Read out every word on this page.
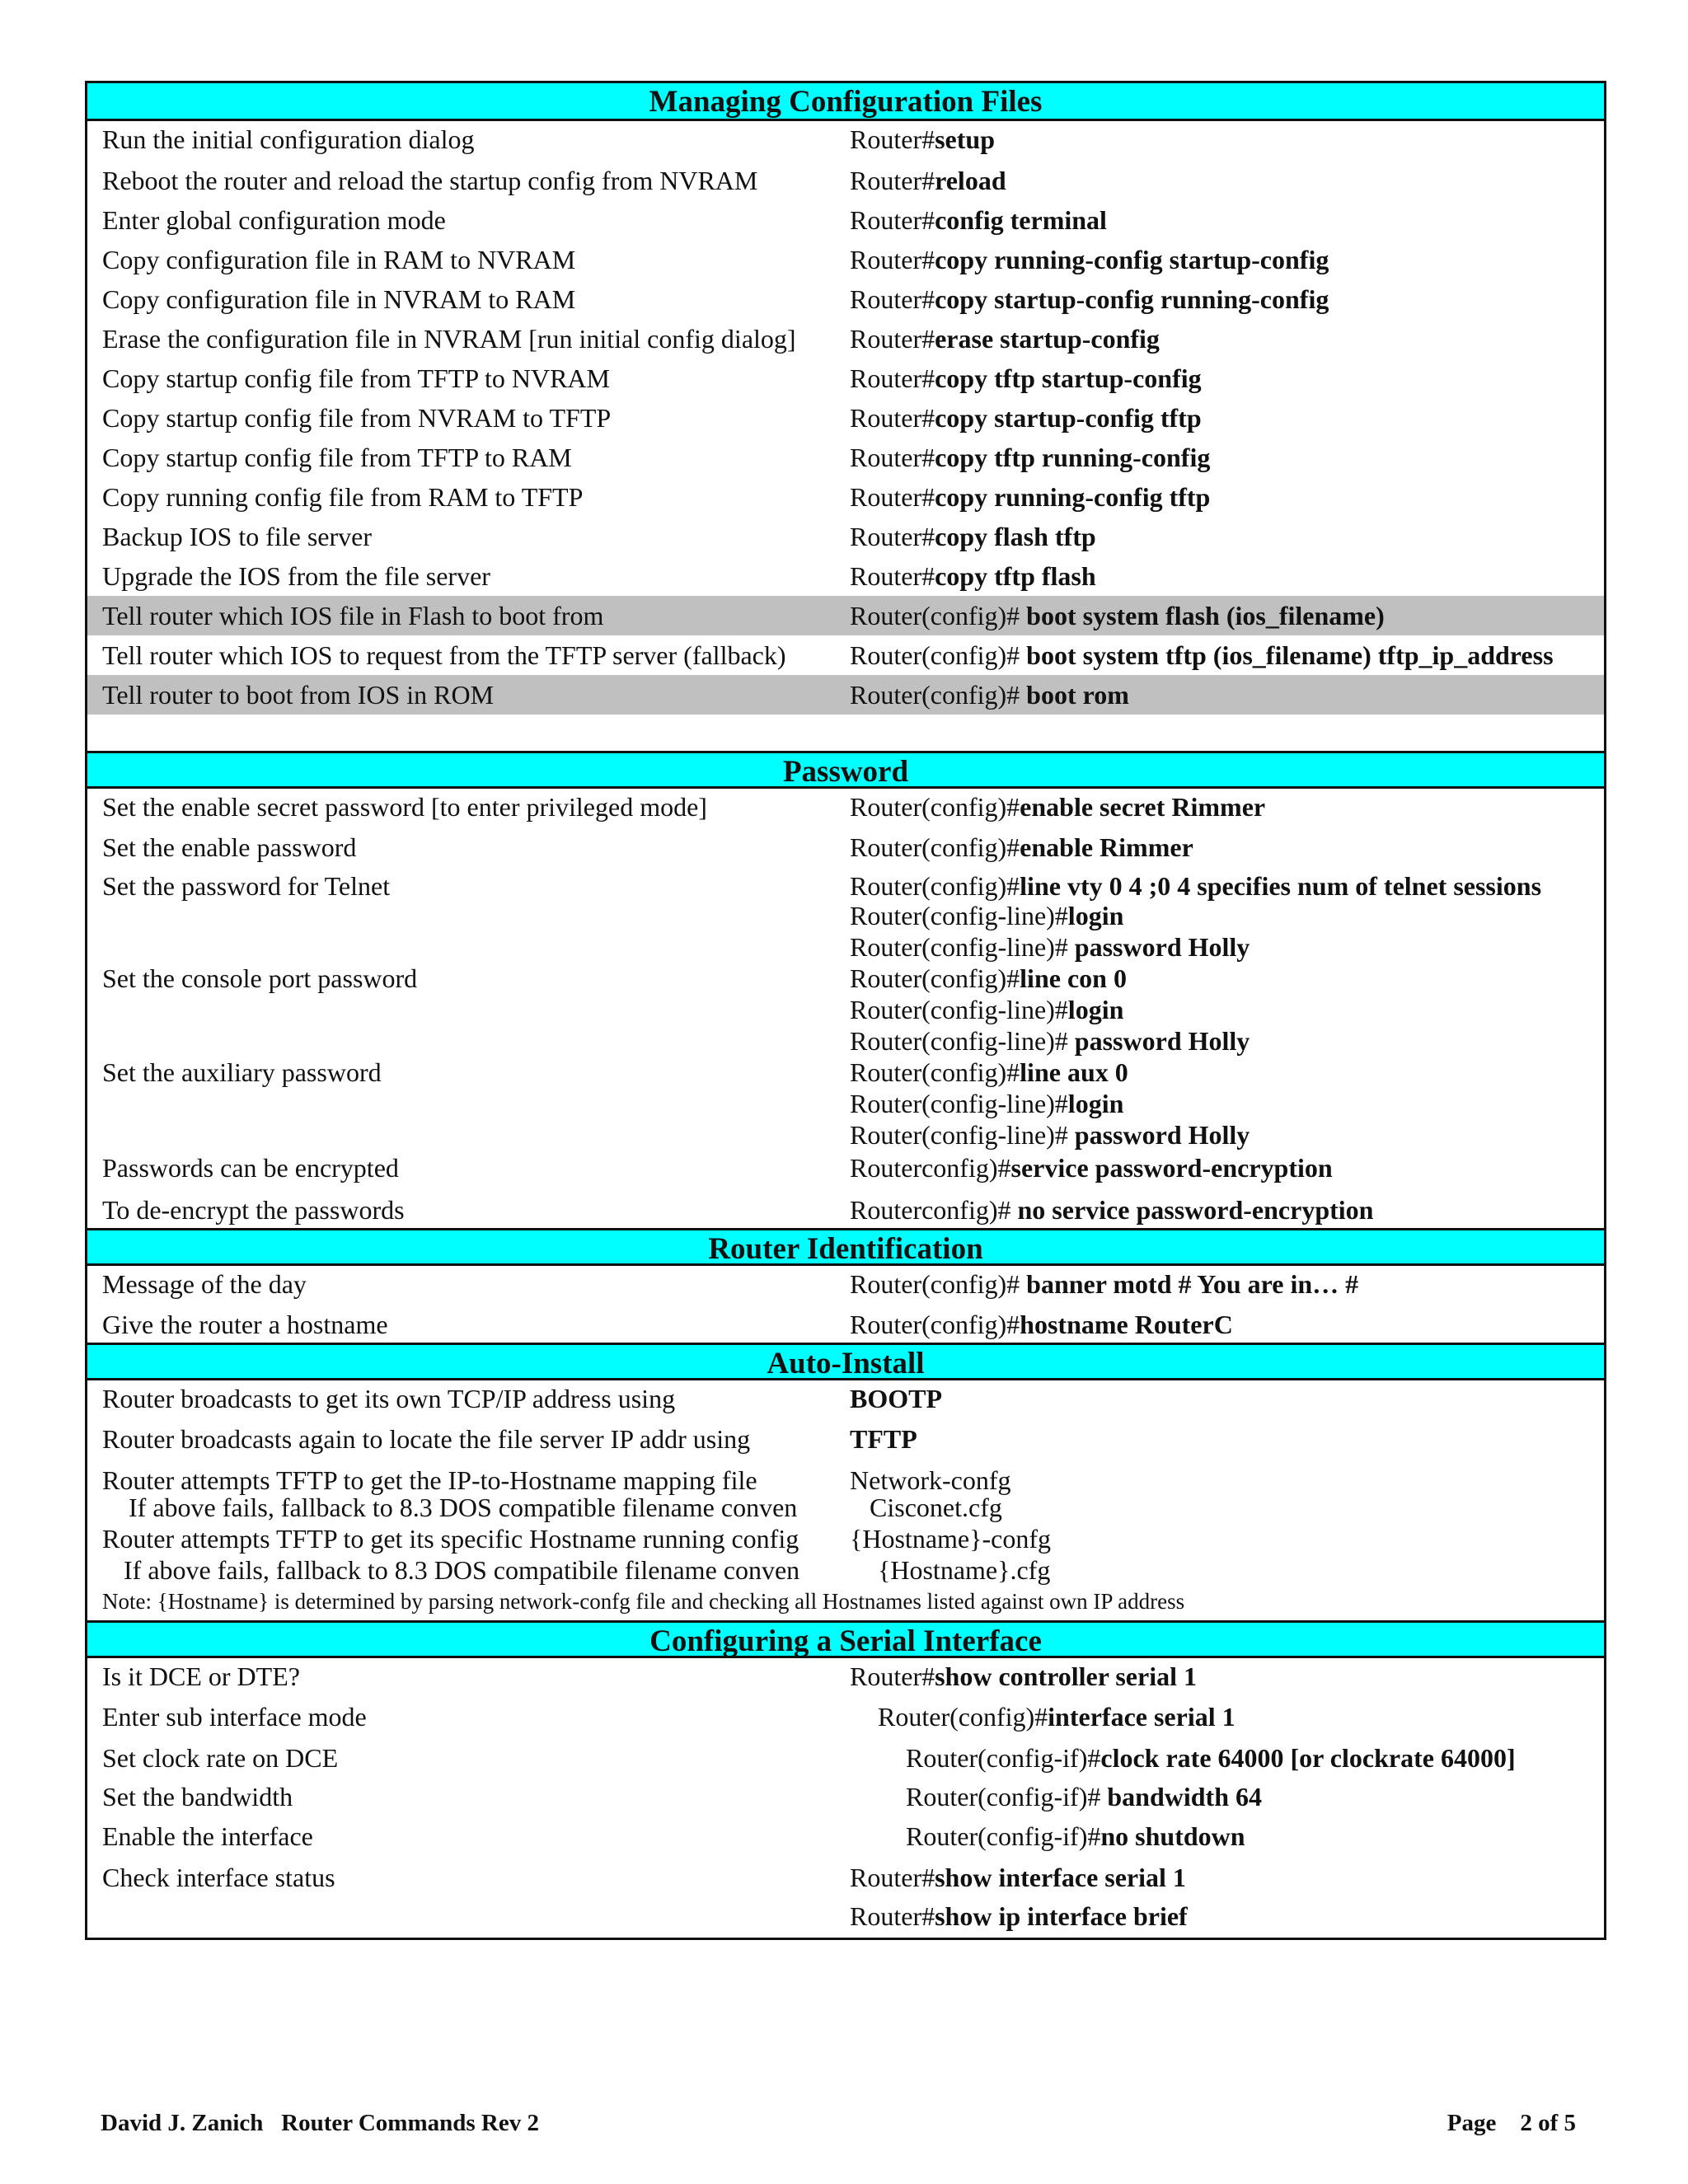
Managing Configuration Files
Run the initial configuration dialog	Router#setup
Reboot the router and reload the startup config from NVRAM	Router#reload
Enter global configuration mode	Router#config terminal
Copy configuration file in RAM to NVRAM	Router#copy running-config startup-config
Copy configuration file in NVRAM to RAM	Router#copy startup-config running-config
Erase the configuration file in NVRAM [run initial config dialog]	Router#erase startup-config
Copy startup config file from TFTP to NVRAM	Router#copy tftp startup-config
Copy startup config file from NVRAM to TFTP	Router#copy startup-config tftp
Copy startup config file from TFTP to RAM	Router#copy tftp running-config
Copy running config file from RAM to TFTP	Router#copy running-config tftp
Backup IOS to file server	Router#copy flash tftp
Upgrade the IOS from the file server	Router#copy tftp flash
Tell router which IOS file in Flash to boot from	Router(config)# boot system flash (ios_filename)
Tell router which IOS to request from the TFTP server (fallback)	Router(config)# boot system tftp (ios_filename) tftp_ip_address
Tell router to boot from IOS in ROM	Router(config)# boot rom
Password
Set the enable secret password [to enter privileged mode]	Router(config)#enable secret Rimmer
Set the enable password	Router(config)#enable Rimmer
Set the password for Telnet	Router(config)#line vty 0 4 ;0 4 specifies num of telnet sessions
Router(config-line)#login
Router(config-line)# password Holly
Set the console port password	Router(config)#line con 0
Router(config-line)#login
Router(config-line)# password Holly
Set the auxiliary password	Router(config)#line aux 0
Router(config-line)#login
Router(config-line)# password Holly
Passwords can be encrypted	Routerconfig)#service password-encryption
To de-encrypt the passwords	Routerconfig)# no service password-encryption
Router Identification
Message of the day	Router(config)# banner motd # You are in… #
Give the router a hostname	Router(config)#hostname RouterC
Auto-Install
Router broadcasts to get its own TCP/IP address using	BOOTP
Router broadcasts again to locate the file server IP addr using	TFTP
Router attempts TFTP to get the IP-to-Hostname mapping file	Network-confg
If above fails, fallback to 8.3 DOS compatible filename conven	Cisconet.cfg
Router attempts TFTP to get its specific Hostname running config	{Hostname}-confg
If above fails, fallback to 8.3 DOS compatibile filename conven	{Hostname}.cfg
Note: {Hostname} is determined by parsing network-confg file and checking all Hostnames listed against own IP address
Configuring a Serial Interface
Is it DCE or DTE?	Router#show controller serial 1
Enter sub interface mode	Router(config)#interface serial 1
Set clock rate on DCE	Router(config-if)#clock rate 64000 [or clockrate 64000]
Set the bandwidth	Router(config-if)# bandwidth 64
Enable the interface	Router(config-if)#no shutdown
Check interface status	Router#show interface serial 1
Router#show ip interface brief
David J. Zanich   Router Commands Rev 2	Page    2 of 5
